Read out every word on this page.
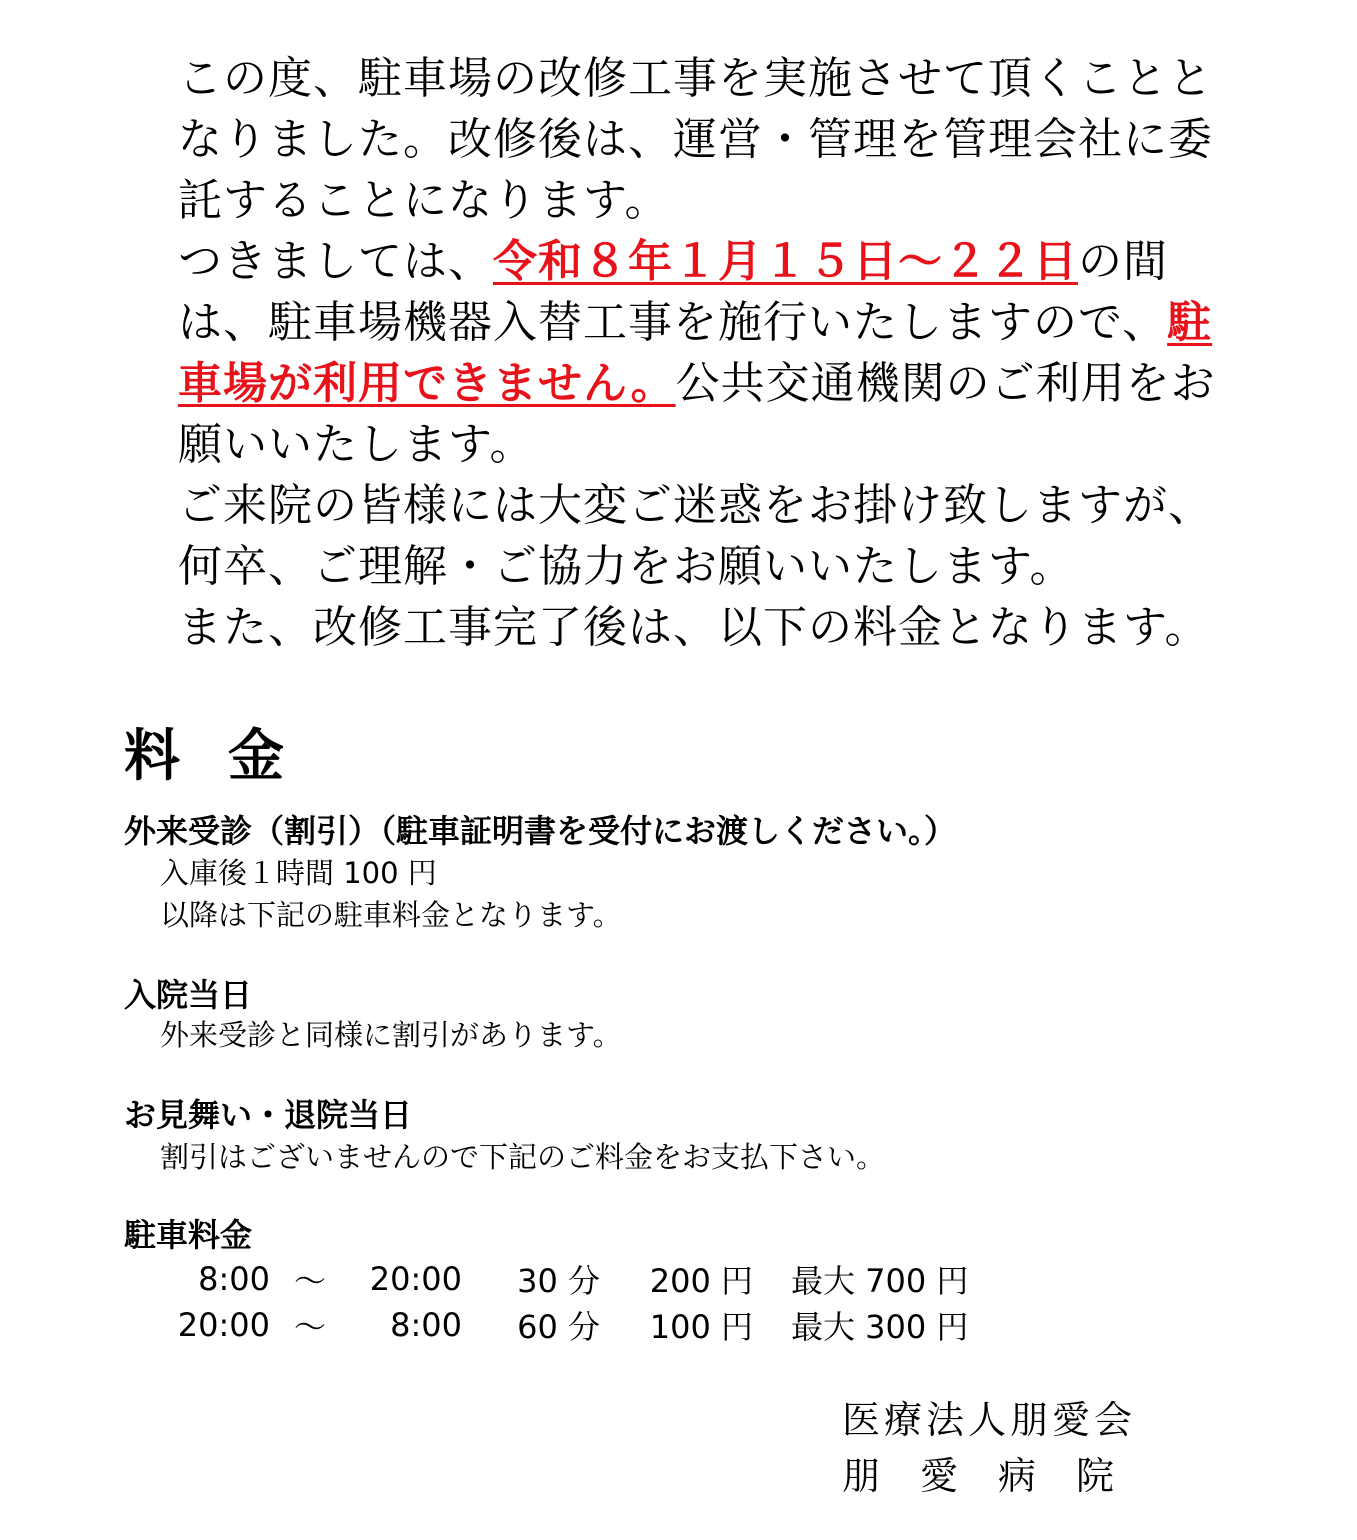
この度、駐車場の改修工事を実施させて頂くこととなりました。改修後は、運営・管理を管理会社に委託することになります。

つきましては、令和８年１月１５日～２２日の間は、駐車場機器入替工事を施行いたしますので、駐車場が利用できません。公共交通機関のご利用をお願いいたします。

ご来院の皆様には大変ご迷惑をお掛け致しますが、何卒、ご理解・ご協力をお願いいたします。

また、改修工事完了後は、以下の料金となります。

料金
外来受診（割引）（駐車証明書を受付にお渡しください。）
入庫後１時間 100 円
以降は下記の駐車料金となります。
入院当日
外来受診と同様に割引があります。
お見舞い・退院当日
割引はございませんので下記のご料金をお支払下さい。
駐車料金
8:00	～	20:00	30 分	200 円	最大 700 円
20:00	～	8:00	60 分	100 円	最大 300 円
医療法人朋愛会
朋愛病院
